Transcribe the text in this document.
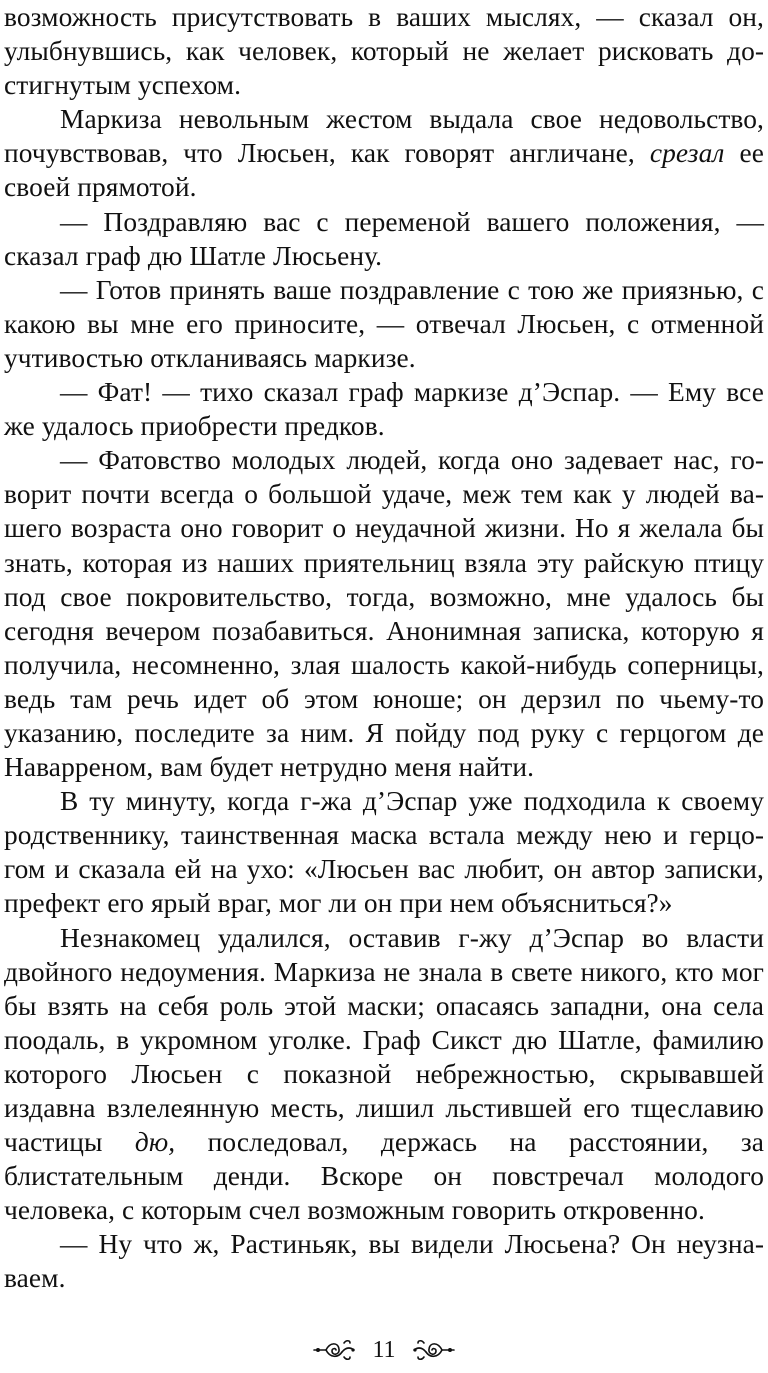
возможность присутствовать в ваших мыслях, — сказал он, улыбнувшись, как человек, который не желает рисковать достигнутым успехом.

Маркиза невольным жестом выдала свое недовольство, почувствовав, что Люсьен, как говорят англичане, срезал ее своей прямотой.

— Поздравляю вас с переменой вашего положения, — сказал граф дю Шатле Люсьену.

— Готов принять ваше поздравление с тою же приязнью, с какою вы мне его приносите, — отвечал Люсьен, с отменной учтивостью откланиваясь маркизе.

— Фат! — тихо сказал граф маркизе д’Эспар. — Ему все же удалось приобрести предков.

— Фатовство молодых людей, когда оно задевает нас, говорит почти всегда о большой удаче, меж тем как у людей вашего возраста оно говорит о неудачной жизни. Но я желала бы знать, которая из наших приятельниц взяла эту райскую птицу под свое покровительство, тогда, возможно, мне удалось бы сегодня вечером позабавиться. Анонимная записка, которую я получила, несомненно, злая шалость какой-нибудь соперницы, ведь там речь идет об этом юноше; он дерзил по чьему-то указанию, последите за ним. Я пойду под руку с герцогом де Наварреном, вам будет нетрудно меня найти.

В ту минуту, когда г-жа д’Эспар уже подходила к своему родственнику, таинственная маска встала между нею и герцогом и сказала ей на ухо: «Люсьен вас любит, он автор записки, префект его ярый враг, мог ли он при нем объясниться?»

Незнакомец удалился, оставив г-жу д’Эспар во власти двойного недоумения. Маркиза не знала в свете никого, кто мог бы взять на себя роль этой маски; опасаясь западни, она села поодаль, в укромном уголке. Граф Сикст дю Шатле, фамилию которого Люсьен с показной небрежностью, скрывавшей издавна взлелеянную месть, лишил льстившей его тщеславию частицы дю, последовал, держась на расстоянии, за блистательным денди. Вскоре он повстречал молодого человека, с которым счел возможным говорить откровенно.

— Ну что ж, Растиньяк, вы видели Люсьена? Он неузнаваем.

11
